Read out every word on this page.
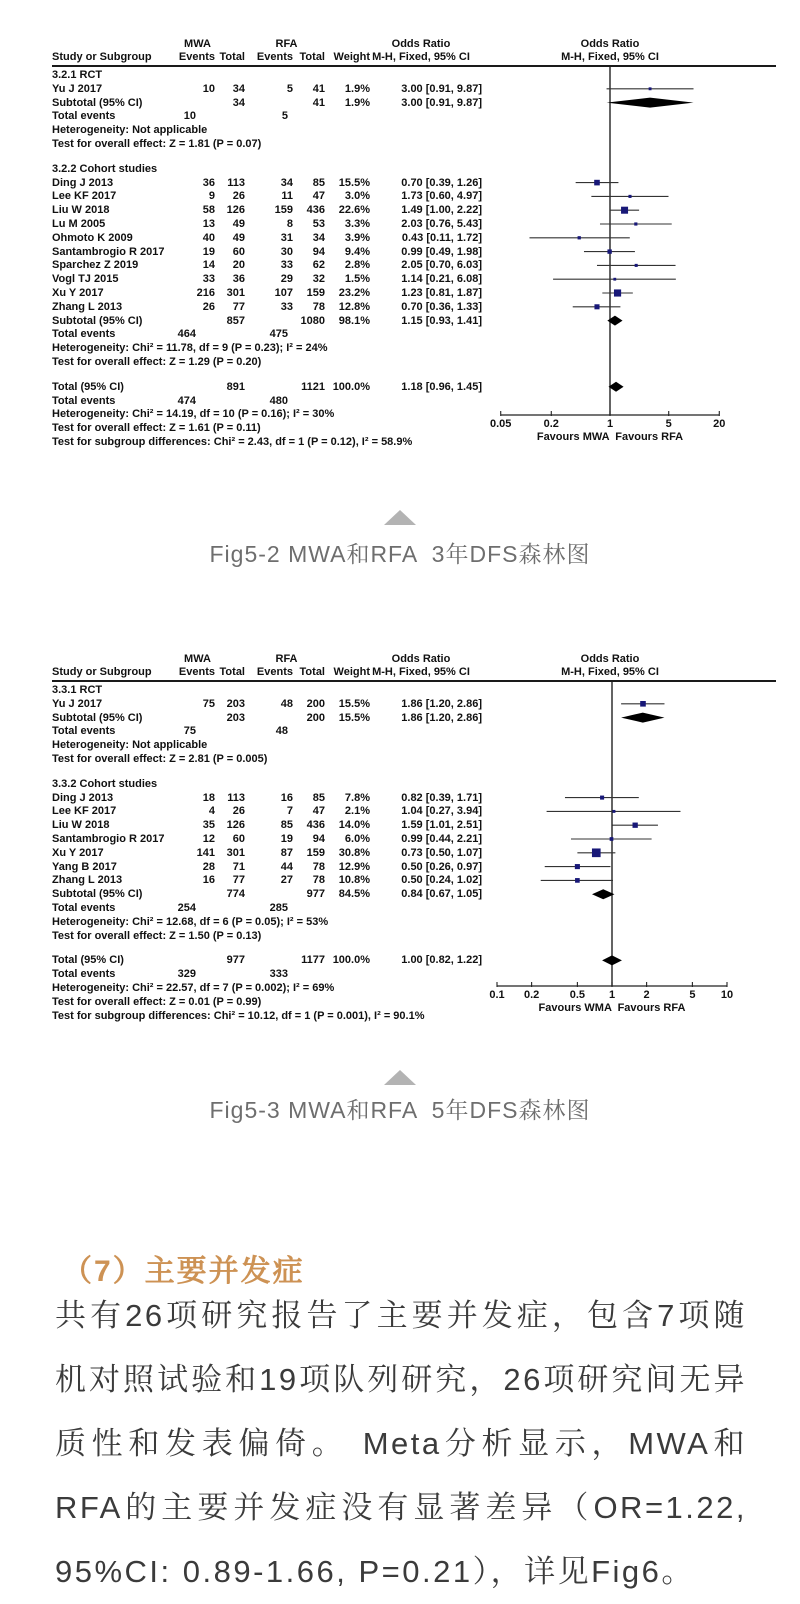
MWA	RFA	Odds Ratio	Odds Ratio
Study or Subgroup	Events Total	Events Total Weight M-H, Fixed, 95% CI	M-H, Fixed, 95% CI
3.2.1 RCT
Yu J 2017	10	34	5	41	1.9%	3.00 [0.91, 9.87]
Subtotal (95% CI)	34	41	1.9%	3.00 [0.91, 9.87]
Total events	10	5
Heterogeneity: Not applicable
Test for overall effect: Z = 1.81 (P = 0.07)
3.2.2 Cohort studies
Ding J 2013	36	113	34	85	15.5%	0.70 [0.39, 1.26]
Lee KF 2017	9	26	11	47	3.0%	1.73 [0.60, 4.97]
Liu W 2018	58	126	159	436	22.6%	1.49 [1.00, 2.22]
Lu M 2005	13	49	8	53	3.3%	2.03 [0.76, 5.43]
Ohmoto K 2009	40	49	31	34	3.9%	0.43 [0.11, 1.72]
Santambrogio R 2017	19	60	30	94	9.4%	0.99 [0.49, 1.98]
Sparchez Z 2019	14	20	33	62	2.8%	2.05 [0.70, 6.03]
Vogl TJ 2015	33	36	29	32	1.5%	1.14 [0.21, 6.08]
Xu Y 2017	216	301	107	159	23.2%	1.23 [0.81, 1.87]
Zhang L 2013	26	77	33	78	12.8%	0.70 [0.36, 1.33]
Subtotal (95% CI)	857	1080	98.1%	1.15 [0.93, 1.41]
Total events	464	475
Heterogeneity: Chi² = 11.78, df = 9 (P = 0.23); I² = 24%
Test for overall effect: Z = 1.29 (P = 0.20)
Total (95% CI)	891	1121 100.0%	1.18 [0.96, 1.45]
Total events	474	480
Heterogeneity: Chi² = 14.19, df = 10 (P = 0.16); I² = 30%
Test for overall effect: Z = 1.61 (P = 0.11)
Test for subgroup differences: Chi² = 2.43, df = 1 (P = 0.12), I² = 58.9%
0.05	0.2	1	5	20
Favours MWA  Favours RFA
Fig5-2 MWA和RFA  3年DFS森林图
MWA	RFA	Odds Ratio	Odds Ratio
Study or Subgroup	Events Total	Events Total Weight M-H, Fixed, 95% CI	M-H, Fixed, 95% CI
3.3.1 RCT
Yu J 2017	75	203	48	200	15.5%	1.86 [1.20, 2.86]
Subtotal (95% CI)	203	200	15.5%	1.86 [1.20, 2.86]
Total events	75	48
Heterogeneity: Not applicable
Test for overall effect: Z = 2.81 (P = 0.005)
3.3.2 Cohort studies
Ding J 2013	18	113	16	85	7.8%	0.82 [0.39, 1.71]
Lee KF 2017	4	26	7	47	2.1%	1.04 [0.27, 3.94]
Liu W 2018	35	126	85	436	14.0%	1.59 [1.01, 2.51]
Santambrogio R 2017	12	60	19	94	6.0%	0.99 [0.44, 2.21]
Xu Y 2017	141	301	87	159	30.8%	0.73 [0.50, 1.07]
Yang B 2017	28	71	44	78	12.9%	0.50 [0.26, 0.97]
Zhang L 2013	16	77	27	78	10.8%	0.50 [0.24, 1.02]
Subtotal (95% CI)	774	977	84.5%	0.84 [0.67, 1.05]
Total events	254	285
Heterogeneity: Chi² = 12.68, df = 6 (P = 0.05); I² = 53%
Test for overall effect: Z = 1.50 (P = 0.13)
Total (95% CI)	977	1177 100.0%	1.00 [0.82, 1.22]
Total events	329	333
Heterogeneity: Chi² = 22.57, df = 7 (P = 0.002); I² = 69%
Test for overall effect: Z = 0.01 (P = 0.99)
Test for subgroup differences: Chi² = 10.12, df = 1 (P = 0.001), I² = 90.1%
0.1	0.2	0.5	1	2	5	10
Favours WMA  Favours RFA
Fig5-3 MWA和RFA  5年DFS森林图
（7）主要并发症

共有26项研究报告了主要并发症，包含7项随机对照试验和19项队列研究，26项研究间无异质性和发表偏倚。 Meta分析显示，MWA和RFA的主要并发症没有显著差异（OR=1.22, 95%CI: 0.89-1.66, P=0.21），详见Fig6。
